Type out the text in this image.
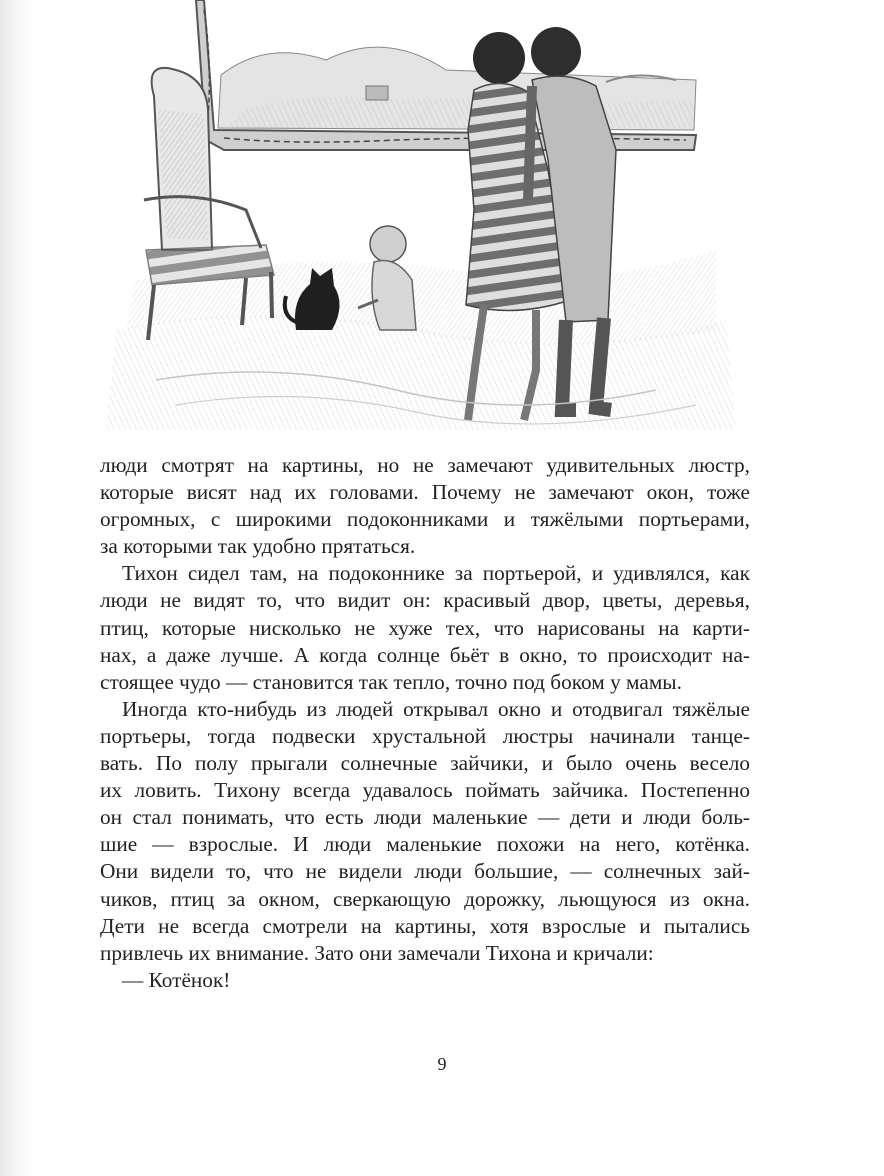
люди смотрят на картины, но не замечают удивительных люстр,
которые висят над их головами. Почему не замечают окон, тоже
огромных, с широкими подоконниками и тяжёлыми портьерами,
за которыми так удобно прятаться.

Тихон сидел там, на подоконнике за портьерой, и удивлялся, как
люди не видят то, что видит он: красивый двор, цветы, деревья,
птиц, которые нисколько не хуже тех, что нарисованы на карти-
нах, а даже лучше. А когда солнце бьёт в окно, то происходит на-
стоящее чудо — становится так тепло, точно под боком у мамы.

Иногда кто-нибудь из людей открывал окно и отодвигал тяжёлые
портьеры, тогда подвески хрустальной люстры начинали танце-
вать. По полу прыгали солнечные зайчики, и было очень весело
их ловить. Тихону всегда удавалось поймать зайчика. Постепенно
он стал понимать, что есть люди маленькие — дети и люди боль-
шие — взрослые. И люди маленькие похожи на него, котёнка.
Они видели то, что не видели люди большие, — солнечных зай-
чиков, птиц за окном, сверкающую дорожку, льющуюся из окна.
Дети не всегда смотрели на картины, хотя взрослые и пытались
привлечь их внимание. Зато они замечали Тихона и кричали:

— Котёнок!

9
